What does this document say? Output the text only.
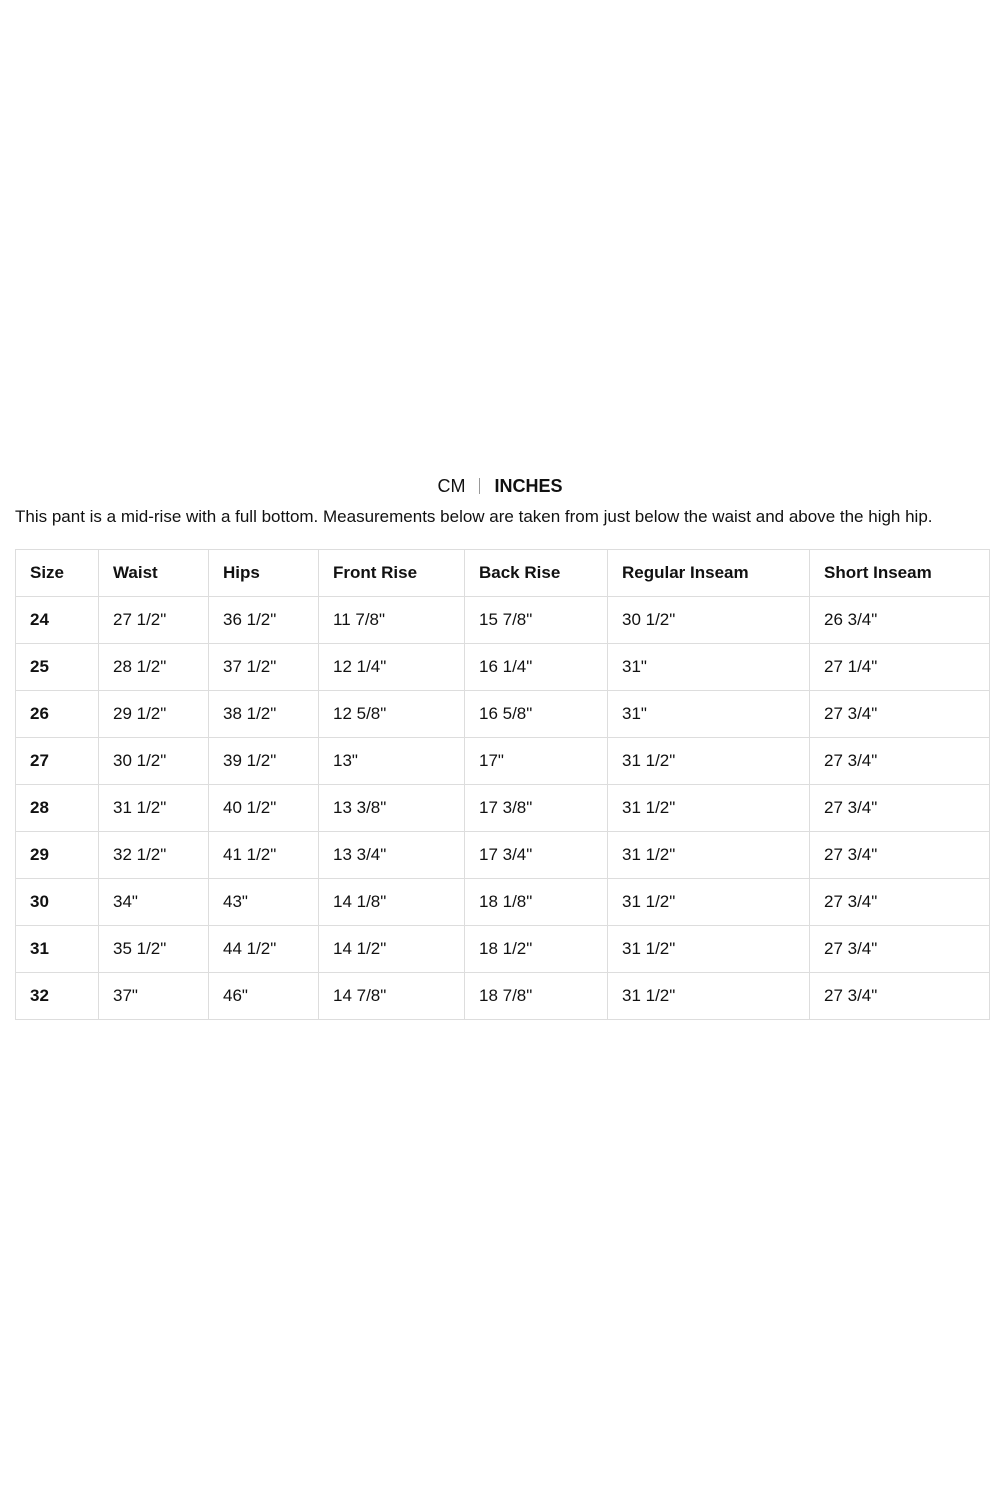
CM INCHES
This pant is a mid-rise with a full bottom. Measurements below are taken from just below the waist and above the high hip.
Size	Waist	Hips	Front Rise	Back Rise	Regular Inseam	Short Inseam
24	27 1/2"	36 1/2"	11 7/8"	15 7/8"	30 1/2"	26 3/4"
25	28 1/2"	37 1/2"	12 1/4"	16 1/4"	31"	27 1/4"
26	29 1/2"	38 1/2"	12 5/8"	16 5/8"	31"	27 3/4"
27	30 1/2"	39 1/2"	13"	17"	31 1/2"	27 3/4"
28	31 1/2"	40 1/2"	13 3/8"	17 3/8"	31 1/2"	27 3/4"
29	32 1/2"	41 1/2"	13 3/4"	17 3/4"	31 1/2"	27 3/4"
30	34"	43"	14 1/8"	18 1/8"	31 1/2"	27 3/4"
31	35 1/2"	44 1/2"	14 1/2"	18 1/2"	31 1/2"	27 3/4"
32	37"	46"	14 7/8"	18 7/8"	31 1/2"	27 3/4"
